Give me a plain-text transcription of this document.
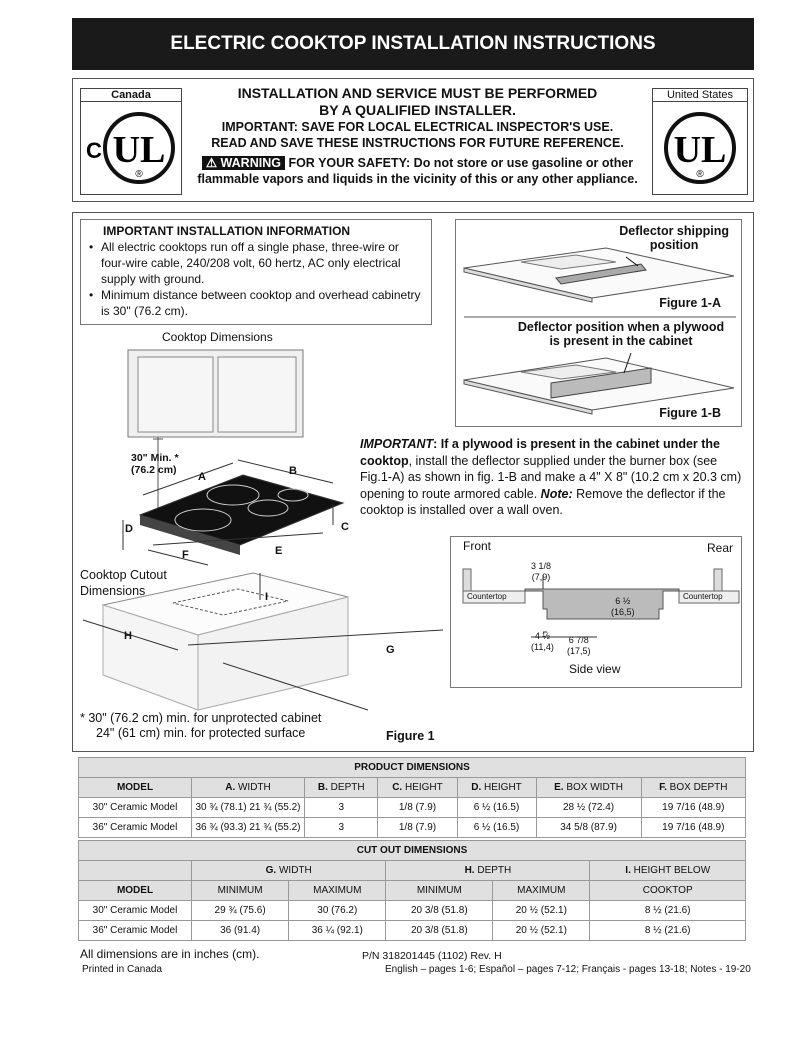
ELECTRIC COOKTOP INSTALLATION INSTRUCTIONS
Canada
C UL
®
INSTALLATION AND SERVICE MUST BE PERFORMED
BY A QUALIFIED INSTALLER.
IMPORTANT: SAVE FOR LOCAL ELECTRICAL INSPECTOR'S USE.
READ AND SAVE THESE INSTRUCTIONS FOR FUTURE REFERENCE.
⚠ WARNING FOR YOUR SAFETY: Do not store or use gasoline or other
flammable vapors and liquids in the vicinity of this or any other appliance.
United States
UL
®
IMPORTANT INSTALLATION INFORMATION
• All electric cooktops run off a single phase, three-wire or four-wire cable, 240/208 volt, 60 hertz, AC only electrical supply with ground.
• Minimum distance between cooktop and overhead cabinetry is 30" (76.2 cm).
Deflector shipping
position
Figure 1-A
Deflector position when a plywood
is present in the cabinet
Figure 1-B
Cooktop Dimensions
30" Min. *
(76.2 cm)
A	B
C
D
E
F
I
H
G
Cooktop Cutout
Dimensions
* 30" (76.2 cm) min. for unprotected cabinet
24" (61 cm) min. for protected surface	Figure 1
IMPORTANT: If a plywood is present in the cabinet under the cooktop, install the deflector supplied under the burner box (see Fig.1-A) as shown in fig. 1-B and make a 4" X 8" (10.2 cm x 20.3 cm) opening to route armored cable. Note: Remove the deflector if the cooktop is installed over a wall oven.
Front	Rear
3 1/8
(7,9)
6 ½
(16,5)
4 ½
(11,4)
6 7/8
(17,5)
Countertop	Countertop
Side view
PRODUCT DIMENSIONS						
MODEL	A. WIDTH	B. DEPTH	C. HEIGHT	D. HEIGHT	E. BOX WIDTH	F. BOX DEPTH
30" Ceramic Model	30 ¾ (78.1) 21 ¾ (55.2)	3	1/8 (7.9)	6 ½ (16.5)	28 ½ (72.4)	19 7/16 (48.9)
36" Ceramic Model	36 ¾ (93.3) 21 ¾ (55.2)	3	1/8 (7.9)	6 ½ (16.5)	34 5/8 (87.9)	19 7/16 (48.9)
CUT OUT DIMENSIONS					
	G. WIDTH		H. DEPTH		I. HEIGHT BELOW
MODEL	MINIMUM	MAXIMUM	MINIMUM	MAXIMUM	COOKTOP
30" Ceramic Model	29 ¾ (75.6)	30 (76.2)	20 3/8 (51.8)	20 ½ (52.1)	8 ½ (21.6)
36" Ceramic Model	36 (91.4)	36 ¼ (92.1)	20 3/8 (51.8)	20 ½ (52.1)	8 ½ (21.6)
All dimensions are in inches (cm).
Printed in Canada
P/N 318201445 (1102) Rev. H
English – pages 1-6; Español – pages 7-12; Français - pages 13-18; Notes - 19-20
